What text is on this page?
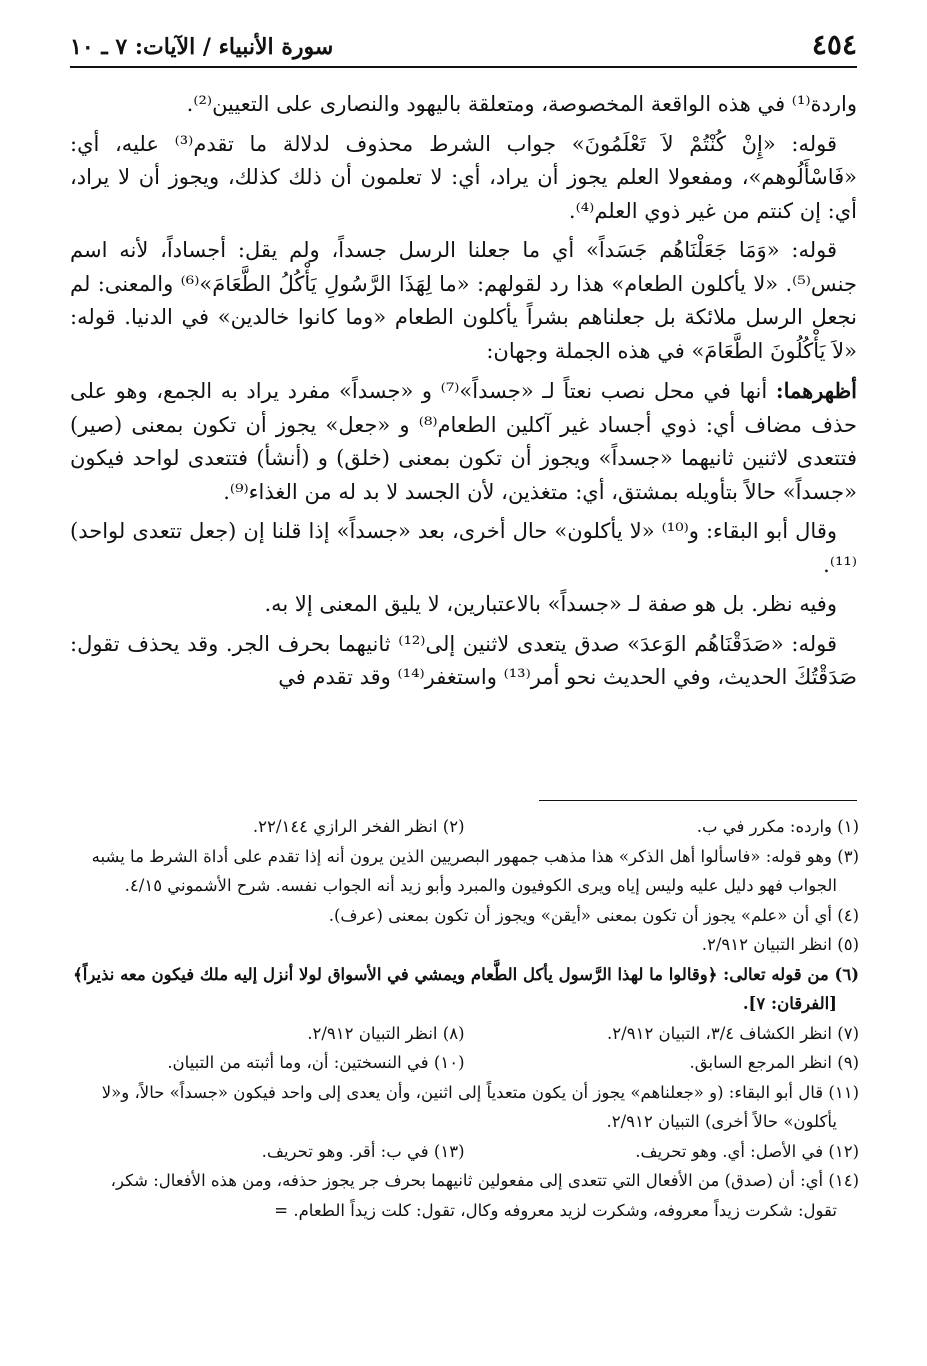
٤٥٤
سورة الأنبياء / الآيات: ٧ ـ ١٠

واردة⁽¹⁾ في هذه الواقعة المخصوصة، ومتعلقة باليهود والنصارى على التعيين⁽²⁾.

قوله: «إِنْ كُنْتُمْ لاَ تَعْلَمُونَ» جواب الشرط محذوف لدلالة ما تقدم⁽³⁾ عليه، أي: «فَاسْأَلُوهم»، ومفعولا العلم يجوز أن يراد، أي: لا تعلمون أن ذلك كذلك، ويجوز أن لا يراد، أي: إن كنتم من غير ذوي العلم⁽⁴⁾.

قوله: «وَمَا جَعَلْنَاهُم جَسَداً» أي ما جعلنا الرسل جسداً، ولم يقل: أجساداً، لأنه اسم جنس⁽⁵⁾. «لا يأكلون الطعام» هذا رد لقولهم: «ما لِهَذَا الرَّسُولِ يَأْكُلُ الطَّعَامَ»⁽⁶⁾ والمعنى: لم نجعل الرسل ملائكة بل جعلناهم بشراً يأكلون الطعام «وما كانوا خالدين» في الدنيا. قوله: «لاَ يَأْكُلُونَ الطَّعَامَ» في هذه الجملة وجهان:

أظهرهما: أنها في محل نصب نعتاً لـ «جسداً»⁽⁷⁾ و «جسداً» مفرد يراد به الجمع، وهو على حذف مضاف أي: ذوي أجساد غير آكلين الطعام⁽⁸⁾ و «جعل» يجوز أن تكون بمعنى (صير) فتتعدى لاثنين ثانيهما «جسداً» ويجوز أن تكون بمعنى (خلق) و (أنشأ) فتتعدى لواحد فيكون «جسداً» حالاً بتأويله بمشتق، أي: متغذين، لأن الجسد لا بد له من الغذاء⁽⁹⁾.

وقال أبو البقاء: و⁽¹⁰⁾ «لا يأكلون» حال أخرى، بعد «جسداً» إذا قلنا إن (جعل تتعدى لواحد)⁽¹¹⁾.

وفيه نظر. بل هو صفة لـ «جسداً» بالاعتبارين، لا يليق المعنى إلا به.

قوله: «صَدَقْنَاهُم الوَعدَ» صدق يتعدى لاثنين إلى⁽¹²⁾ ثانيهما بحرف الجر. وقد يحذف تقول: صَدَقْتُكَ الحديث، وفي الحديث نحو أمر⁽¹³⁾ واستغفر⁽¹⁴⁾ وقد تقدم في

(١) وارده: مكرر في ب.
(٢) انظر الفخر الرازي ٢٢/١٤٤.

(٣) وهو قوله: «فاسألوا أهل الذكر» هذا مذهب جمهور البصريين الذين يرون أنه إذا تقدم على أداة الشرط ما يشبه الجواب فهو دليل عليه وليس إياه ويرى الكوفيون والمبرد وأبو زيد أنه الجواب نفسه. شرح الأشموني ٤/١٥.

(٤) أي أن «علم» يجوز أن تكون بمعنى «أيقن» ويجوز أن تكون بمعنى (عرف).

(٥) انظر التبيان ٢/٩١٢.

(٦) من قوله تعالى: ﴿وقالوا ما لهذا الرَّسول يأكل الطَّعام ويمشي في الأسواق لولا أنزل إليه ملك فيكون معه نذيراً﴾ [الفرقان: ٧].

(٧) انظر الكشاف ٣/٤، التبيان ٢/٩١٢.
(٨) انظر التبيان ٢/٩١٢.
(٩) انظر المرجع السابق.
(١٠) في النسختين: أن، وما أثبته من التبيان.

(١١) قال أبو البقاء: (و «جعلناهم» يجوز أن يكون متعدياً إلى اثنين، وأن يعدى إلى واحد فيكون «جسداً» حالاً، و«لا يأكلون» حالاً أخرى) التبيان ٢/٩١٢.

(١٢) في الأصل: أي. وهو تحريف.
(١٣) في ب: أقر. وهو تحريف.

(١٤) أي: أن (صدق) من الأفعال التي تتعدى إلى مفعولين ثانيهما بحرف جر يجوز حذفه، ومن هذه الأفعال: شكر، تقول: شكرت زيداً معروفه، وشكرت لزيد معروفه وكال، تقول: كلت زيداً الطعام. =
